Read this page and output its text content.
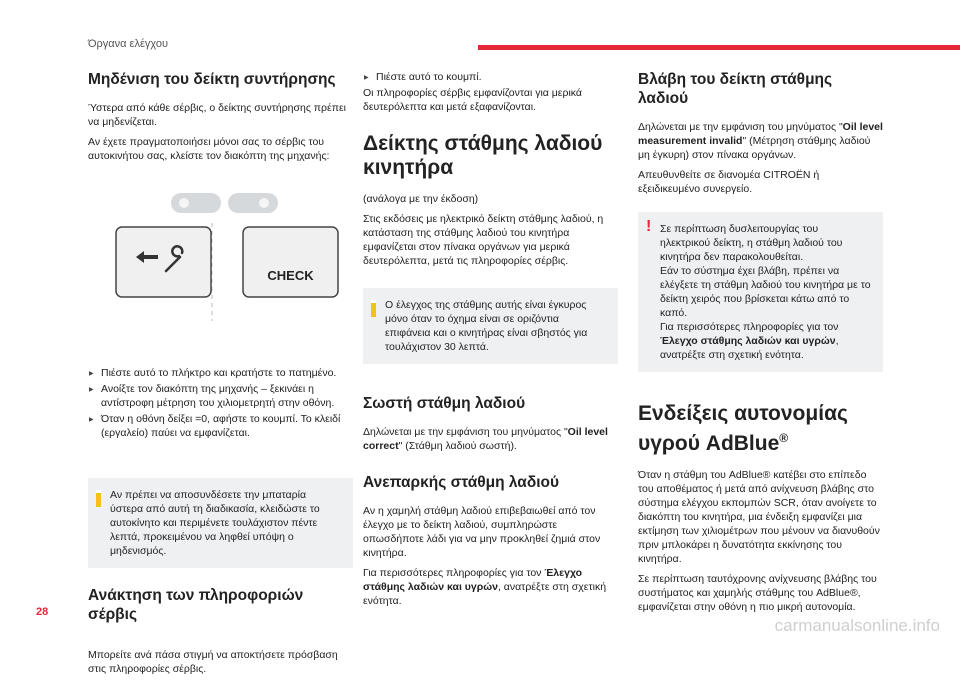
Όργανα ελέγχου
Μηδένιση του δείκτη συντήρησης

Ύστερα από κάθε σέρβις, ο δείκτης συντήρησης πρέπει να μηδενίζεται.

Αν έχετε πραγματοποιήσει μόνοι σας το σέρβις του αυτοκινήτου σας, κλείστε τον διακόπτη της μηχανής:

CHECK
▶ Πιέστε αυτό το πλήκτρο και κρατήστε το πατημένο.
▶ Ανοίξτε τον διακόπτη της μηχανής – ξεκινάει η αντίστροφη μέτρηση του χιλιομετρητή στην οθόνη.
▶ Όταν η οθόνη δείξει =0, αφήστε το κουμπί. Το κλειδί (εργαλείο) παύει να εμφανίζεται.
Αν πρέπει να αποσυνδέσετε την μπαταρία ύστερα από αυτή τη διαδικασία, κλειδώστε το αυτοκίνητο και περιμένετε τουλάχιστον πέντε λεπτά, προκειμένου να ληφθεί υπόψη ο μηδενισμός.
Ανάκτηση των πληροφοριών σέρβις

Μπορείτε ανά πάσα στιγμή να αποκτήσετε πρόσβαση στις πληροφορίες σέρβις.

▶ Πιέστε αυτό το κουμπί.

Οι πληροφορίες σέρβις εμφανίζονται για μερικά δευτερόλεπτα και μετά εξαφανίζονται.

Δείκτης στάθμης λαδιού κινητήρα

(ανάλογα με την έκδοση)

Στις εκδόσεις με ηλεκτρικό δείκτη στάθμης λαδιού, η κατάσταση της στάθμης λαδιού του κινητήρα εμφανίζεται στον πίνακα οργάνων για μερικά δευτερόλεπτα, μετά τις πληροφορίες σέρβις.

Ο έλεγχος της στάθμης αυτής είναι έγκυρος μόνο όταν το όχημα είναι σε οριζόντια επιφάνεια και ο κινητήρας είναι σβηστός για τουλάχιστον 30 λεπτά.
Σωστή στάθμη λαδιού

Δηλώνεται με την εμφάνιση του μηνύματος "Oil level correct" (Στάθμη λαδιού σωστή).

Ανεπαρκής στάθμη λαδιού

Αν η χαμηλή στάθμη λαδιού επιβεβαιωθεί από τον έλεγχο με το δείκτη λαδιού, συμπληρώστε οπωσδήποτε λάδι για να μην προκληθεί ζημιά στον κινητήρα.

Για περισσότερες πληροφορίες για τον Έλεγχο στάθμης λαδιών και υγρών, ανατρέξτε στη σχετική ενότητα.

Βλάβη του δείκτη στάθμης λαδιού

Δηλώνεται με την εμφάνιση του μηνύματος "Oil level measurement invalid" (Μέτρηση στάθμης λαδιού μη έγκυρη) στον πίνακα οργάνων.

Απευθυνθείτε σε διανομέα CITROËN ή εξειδικευμένο συνεργείο.

! Σε περίπτωση δυσλειτουργίας του ηλεκτρικού δείκτη, η στάθμη λαδιού του κινητήρα δεν παρακολουθείται.
Εάν το σύστημα έχει βλάβη, πρέπει να ελέγξετε τη στάθμη λαδιού του κινητήρα με το δείκτη χειρός που βρίσκεται κάτω από το καπό.
Για περισσότερες πληροφορίες για τον Έλεγχο στάθμης λαδιών και υγρών, ανατρέξτε στη σχετική ενότητα.
Ενδείξεις αυτονομίας υγρού AdBlue®

Όταν η στάθμη του AdBlue® κατέβει στο επίπεδο του αποθέματος ή μετά από ανίχνευση βλάβης στο σύστημα ελέγχου εκπομπών SCR, όταν ανοίγετε το διακόπτη του κινητήρα, μια ένδειξη εμφανίζει μια εκτίμηση των χιλιομέτρων που μένουν να διανυθούν πριν μπλοκάρει η δυνατότητα εκκίνησης του κινητήρα.

Σε περίπτωση ταυτόχρονης ανίχνευσης βλάβης του συστήματος και χαμηλής στάθμης του AdBlue®, εμφανίζεται στην οθόνη η πιο μικρή αυτονομία.

28
carmanualsonline.info
